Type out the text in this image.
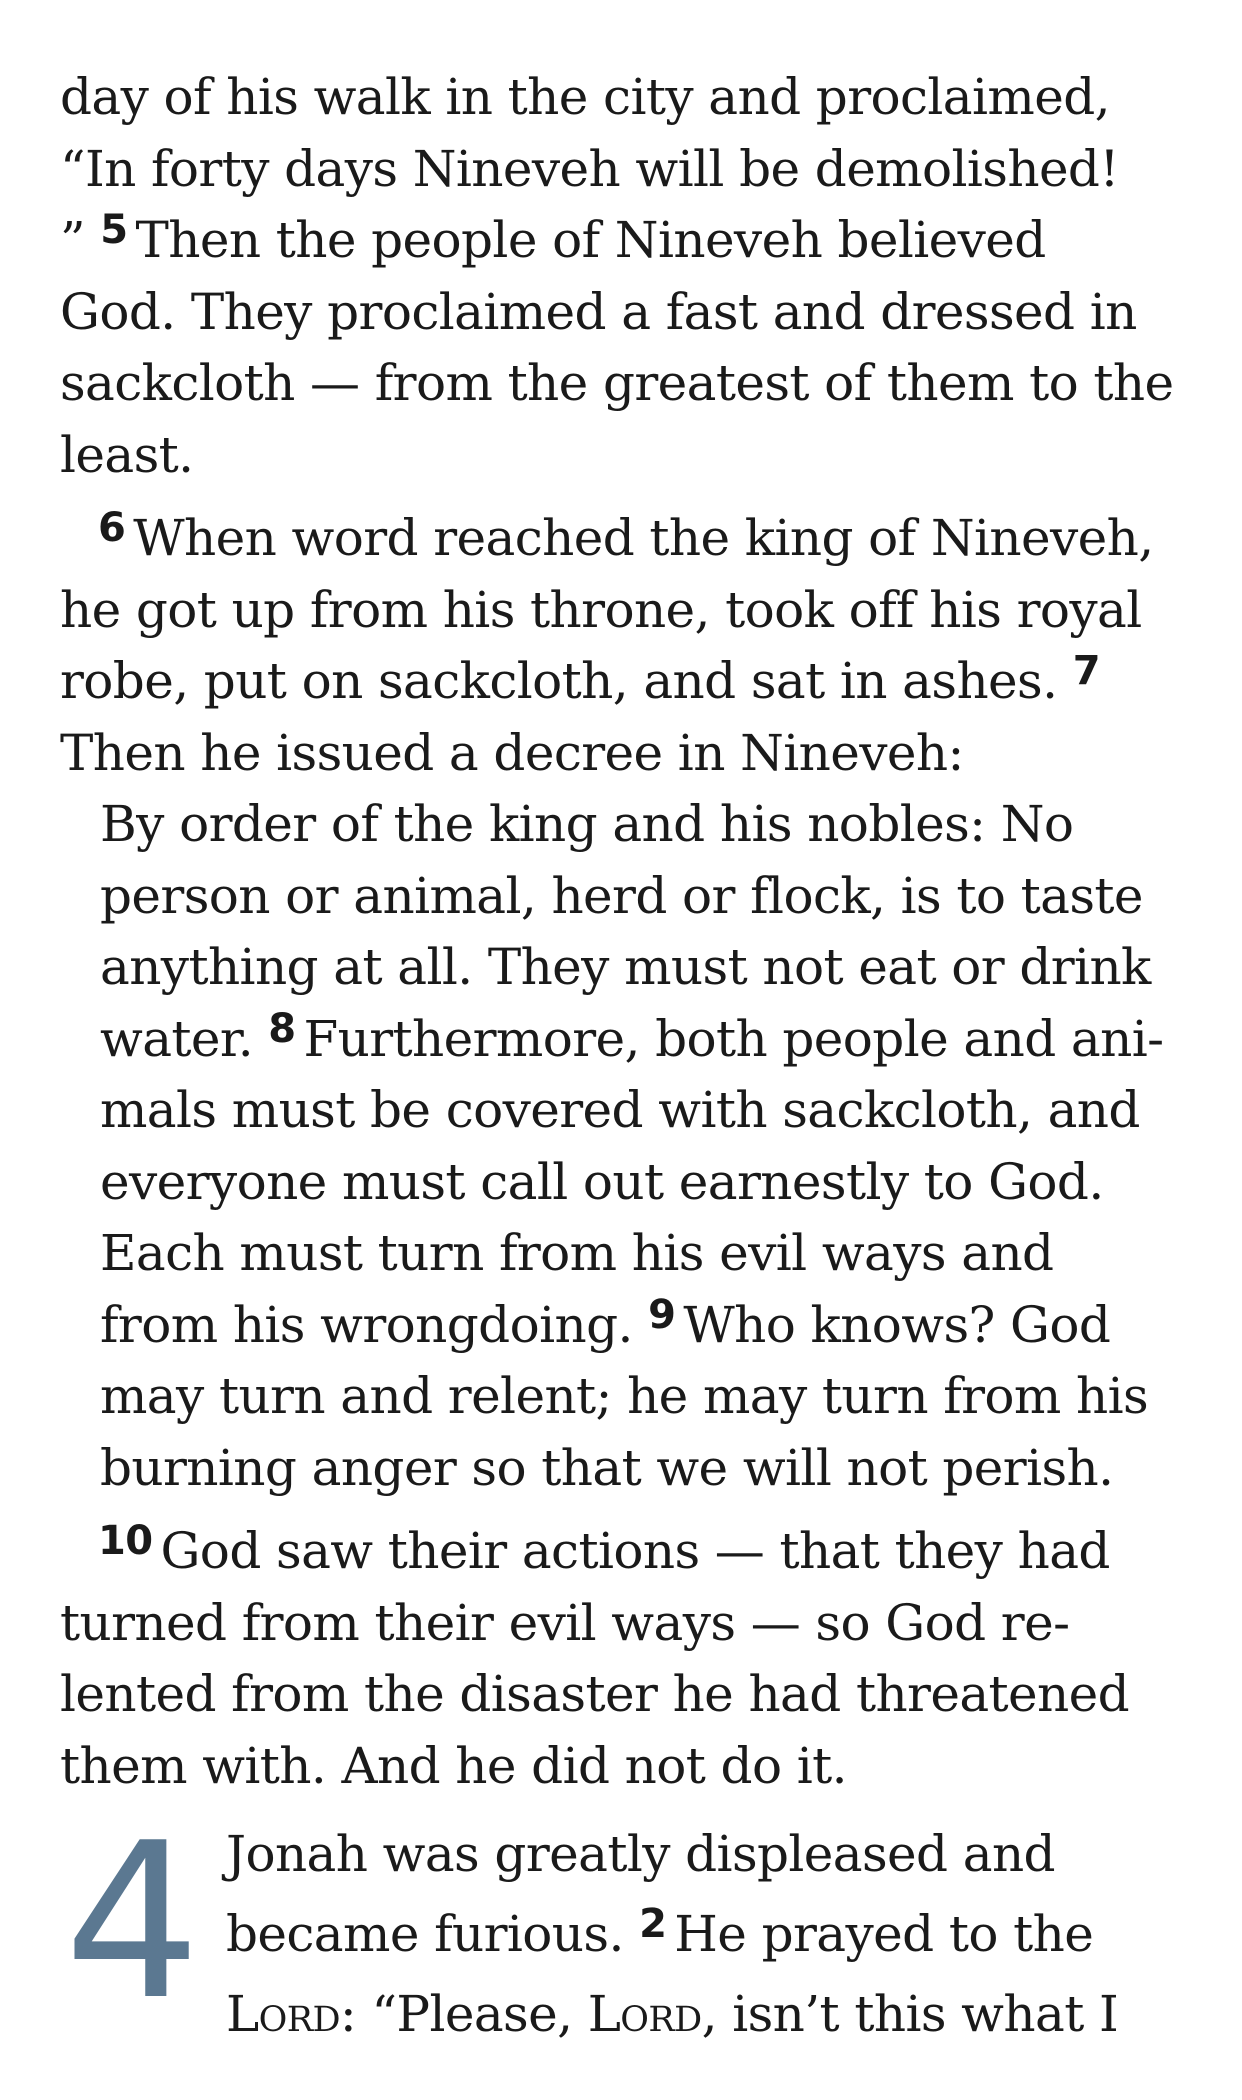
day of his walk in the city and proclaimed,
“In forty days Nineveh will be demolished!
” $^5$ Then the people of Nineveh believed
God. They proclaimed a fast and dressed in
sackcloth — from the greatest of them to the
least.
$^6$ When word reached the king of Nineveh,
he got up from his throne, took off his royal
robe, put on sackcloth, and sat in ashes. $^7$
Then he issued a decree in Nineveh:
By order of the king and his nobles: No
person or animal, herd or flock, is to taste
anything at all. They must not eat or drink
water. $^8$ Furthermore, both people and ani-
mals must be covered with sackcloth, and
everyone must call out earnestly to God.
Each must turn from his evil ways and
from his wrongdoing. $^9$ Who knows? God
may turn and relent; he may turn from his
burning anger so that we will not perish.
$^{10}$ God saw their actions — that they had
turned from their evil ways — so God re-
lented from the disaster he had threatened
them with. And he did not do it.
4 Jonah was greatly displeased and
became furious. $^2$ He prayed to the
Lord: “Please, Lord, isn’t this what I
